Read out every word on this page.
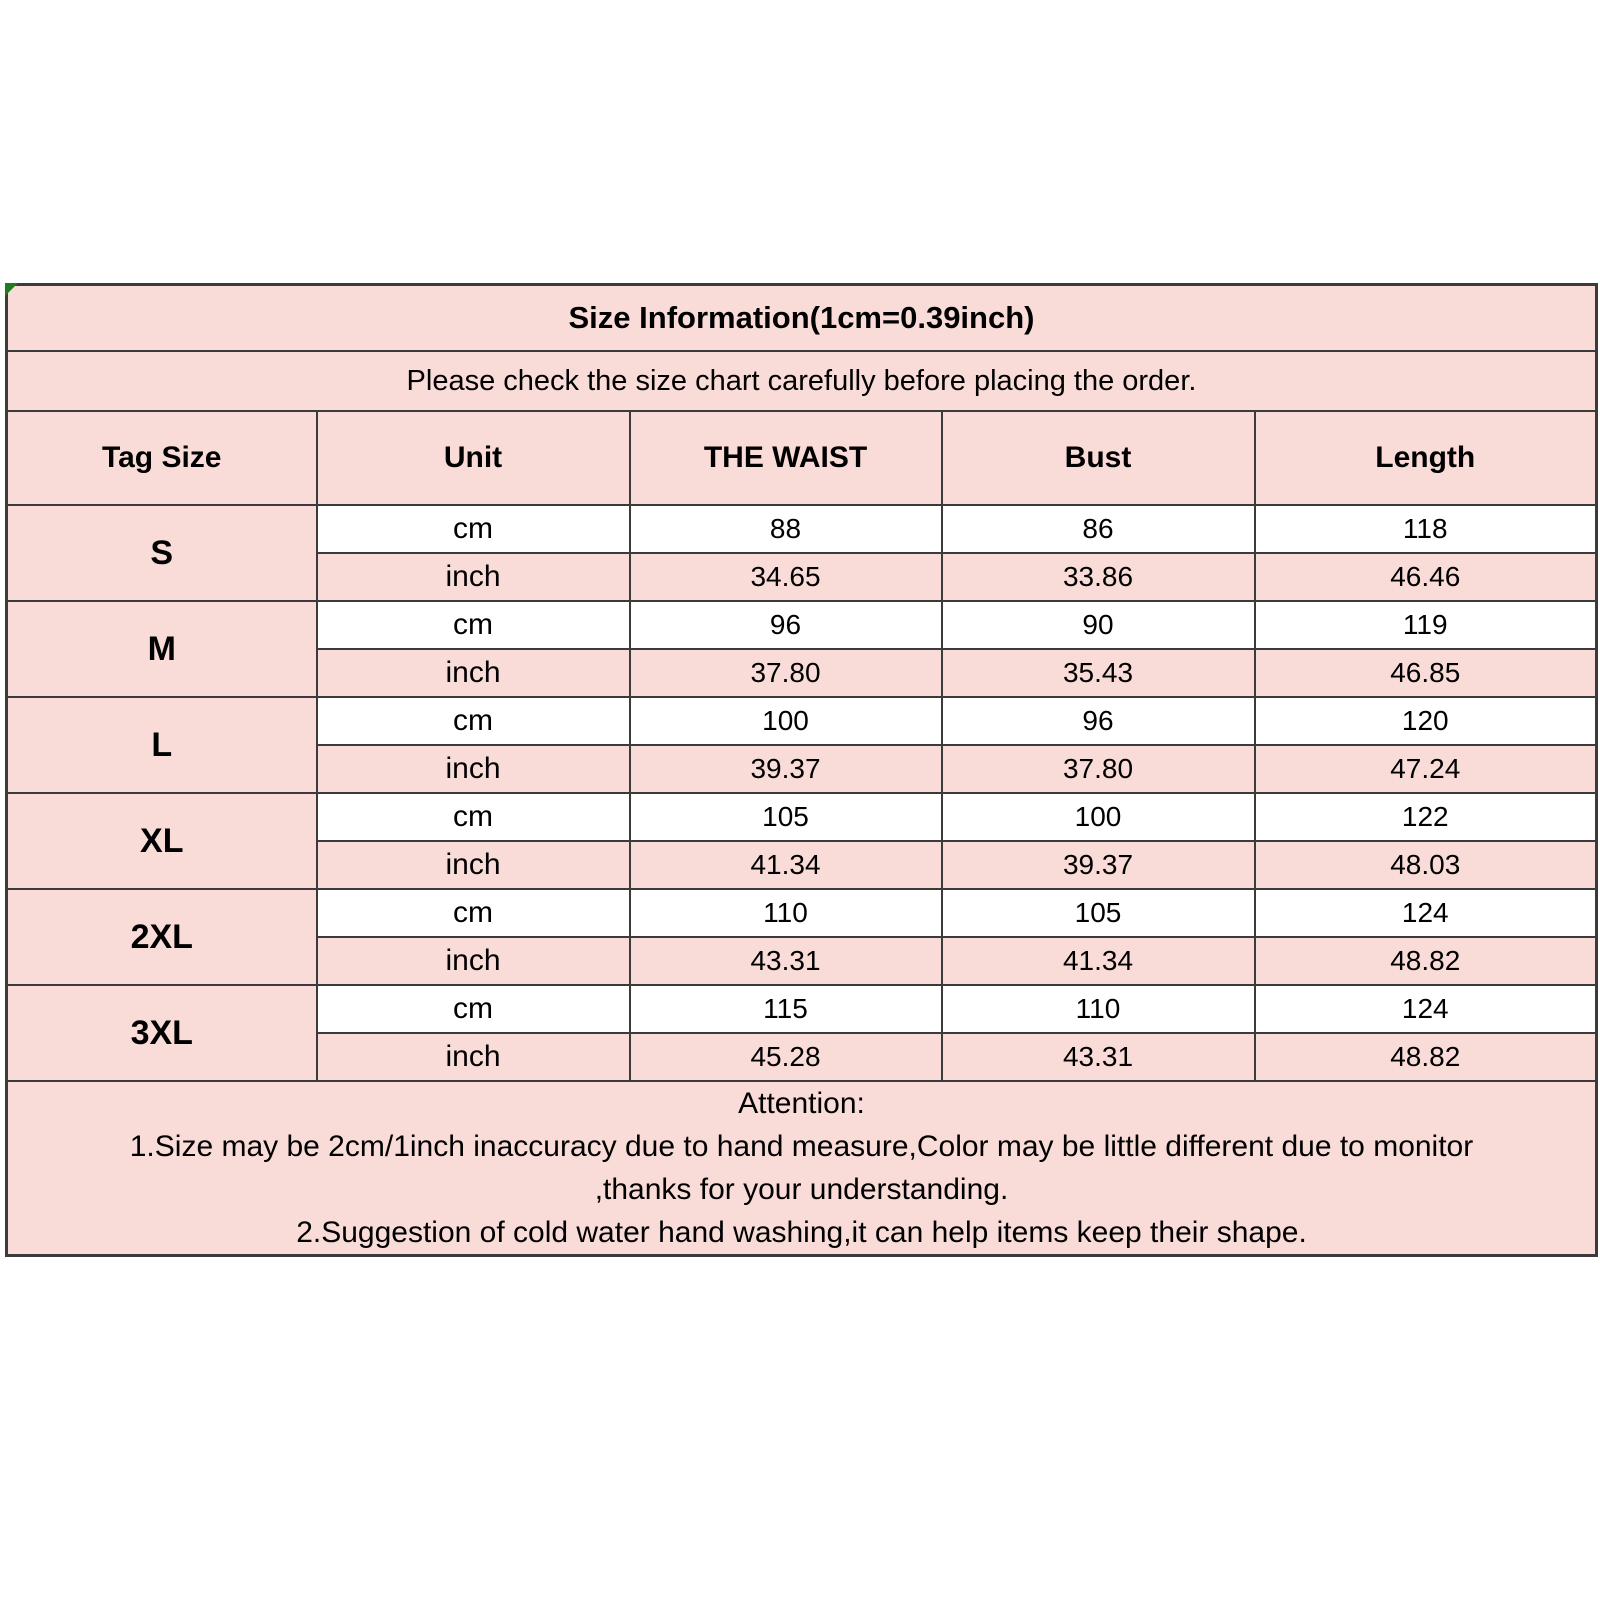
Size Information(1cm=0.39inch)				
Please check the size chart carefully before placing the order.				
Tag Size	Unit	THE WAIST	Bust	Length
S	cm	88	86	118
	inch	34.65	33.86	46.46
M	cm	96	90	119
	inch	37.80	35.43	46.85
L	cm	100	96	120
	inch	39.37	37.80	47.24
XL	cm	105	100	122
	inch	41.34	39.37	48.03
2XL	cm	110	105	124
	inch	43.31	41.34	48.82
3XL	cm	115	110	124
	inch	45.28	43.31	48.82

Attention:
1.Size may be 2cm/1inch inaccuracy due to hand measure,Color may be little different due to monitor
,thanks for your understanding.
2.Suggestion of cold water hand washing,it can help items keep their shape.				
